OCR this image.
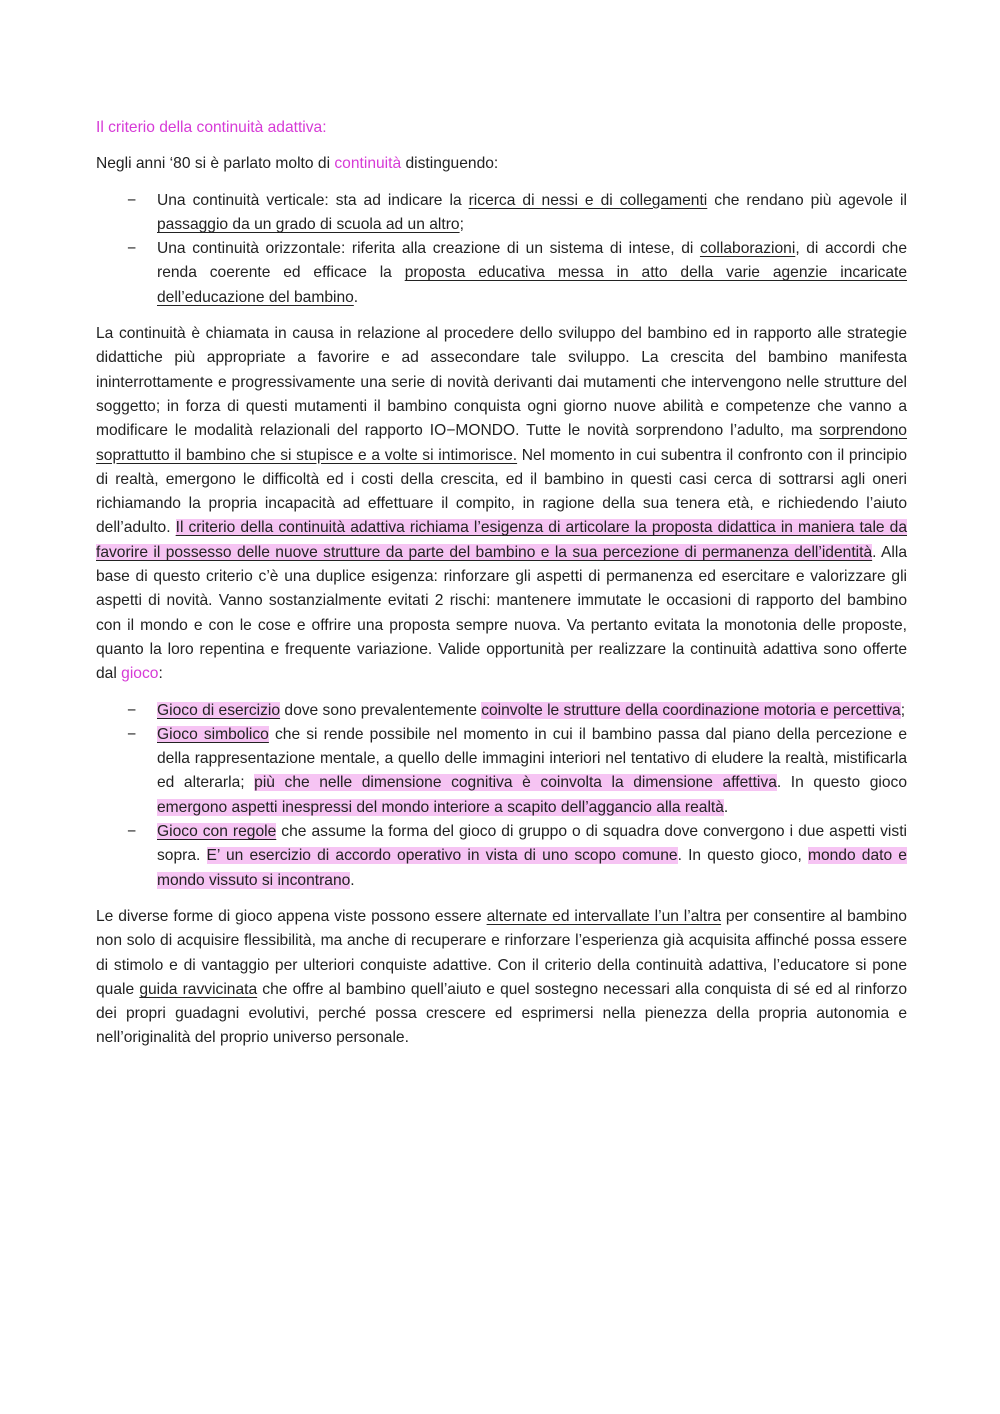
Il criterio della continuità adattiva:

Negli anni ‘80 si è parlato molto di continuità distinguendo:

− Una continuità verticale: sta ad indicare la ricerca di nessi e di collegamenti che rendano più agevole il passaggio da un grado di scuola ad un altro;
− Una continuità orizzontale: riferita alla creazione di un sistema di intese, di collaborazioni, di accordi che renda coerente ed efficace la proposta educativa messa in atto della varie agenzie incaricate dell’educazione del bambino.

La continuità è chiamata in causa in relazione al procedere dello sviluppo del bambino ed in rapporto alle strategie didattiche più appropriate a favorire e ad assecondare tale sviluppo. La crescita del bambino manifesta ininterrottamente e progressivamente una serie di novità derivanti dai mutamenti che intervengono nelle strutture del soggetto; in forza di questi mutamenti il bambino conquista ogni giorno nuove abilità e competenze che vanno a modificare le modalità relazionali del rapporto IO−MONDO. Tutte le novità sorprendono l’adulto, ma sorprendono soprattutto il bambino che si stupisce e a volte si intimorisce. Nel momento in cui subentra il confronto con il principio di realtà, emergono le difficoltà ed i costi della crescita, ed il bambino in questi casi cerca di sottrarsi agli oneri richiamando la propria incapacità ad effettuare il compito, in ragione della sua tenera età, e richiedendo l’aiuto dell’adulto. Il criterio della continuità adattiva richiama l’esigenza di articolare la proposta didattica in maniera tale da favorire il possesso delle nuove strutture da parte del bambino e la sua percezione di permanenza dell’identità. Alla base di questo criterio c’è una duplice esigenza: rinforzare gli aspetti di permanenza ed esercitare e valorizzare gli aspetti di novità. Vanno sostanzialmente evitati 2 rischi: mantenere immutate le occasioni di rapporto del bambino con il mondo e con le cose e offrire una proposta sempre nuova. Va pertanto evitata la monotonia delle proposte, quanto la loro repentina e frequente variazione. Valide opportunità per realizzare la continuità adattiva sono offerte dal gioco:

− Gioco di esercizio dove sono prevalentemente coinvolte le strutture della coordinazione motoria e percettiva;
− Gioco simbolico che si rende possibile nel momento in cui il bambino passa dal piano della percezione e della rappresentazione mentale, a quello delle immagini interiori nel tentativo di eludere la realtà, mistificarla ed alterarla; più che nelle dimensione cognitiva è coinvolta la dimensione affettiva. In questo gioco emergono aspetti inespressi del mondo interiore a scapito dell’aggancio alla realtà.
− Gioco con regole che assume la forma del gioco di gruppo o di squadra dove convergono i due aspetti visti sopra. E’ un esercizio di accordo operativo in vista di uno scopo comune. In questo gioco, mondo dato e mondo vissuto si incontrano.

Le diverse forme di gioco appena viste possono essere alternate ed intervallate l’un l’altra per consentire al bambino non solo di acquisire flessibilità, ma anche di recuperare e rinforzare l’esperienza già acquisita affinché possa essere di stimolo e di vantaggio per ulteriori conquiste adattive. Con il criterio della continuità adattiva, l’educatore si pone quale guida ravvicinata che offre al bambino quell’aiuto e quel sostegno necessari alla conquista di sé ed al rinforzo dei propri guadagni evolutivi, perché possa crescere ed esprimersi nella pienezza della propria autonomia e nell’originalità del proprio universo personale.
